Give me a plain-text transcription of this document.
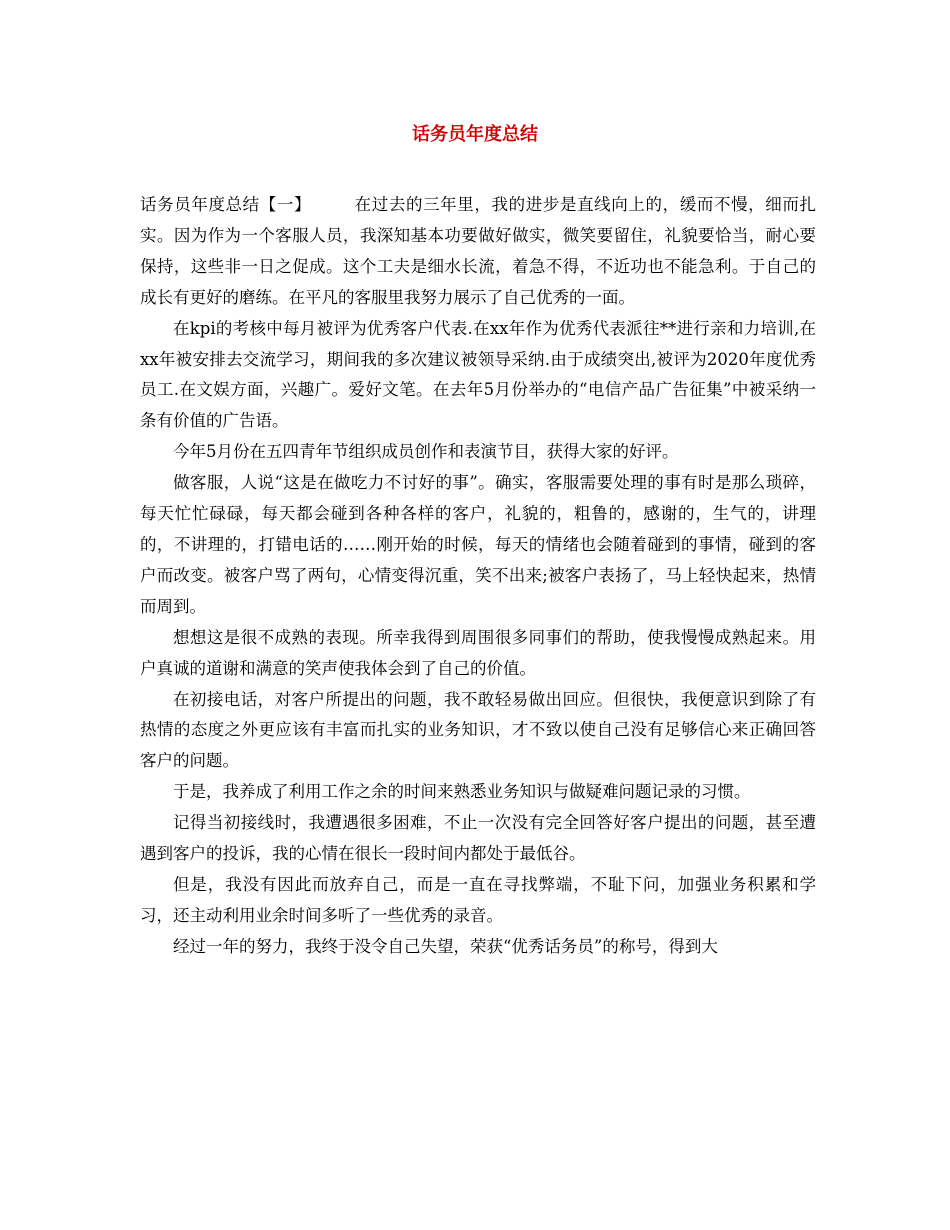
话务员年度总结

话务员年度总结【一】	在过去的三年里，我的进步是直线向上的，缓而不慢，细而扎实。因为作为一个客服人员，我深知基本功要做好做实，微笑要留住，礼貌要恰当，耐心要保持，这些非一日之促成。这个工夫是细水长流，着急不得，不近功也不能急利。于自己的成长有更好的磨练。在平凡的客服里我努力展示了自己优秀的一面。

在kpi的考核中每月被评为优秀客户代表.在xx年作为优秀代表派往**进行亲和力培训,在xx年被安排去交流学习，期间我的多次建议被领导采纳.由于成绩突出,被评为2020年度优秀员工.在文娱方面，兴趣广。爱好文笔。在去年5月份举办的“电信产品广告征集”中被采纳一条有价值的广告语。

今年5月份在五四青年节组织成员创作和表演节目，获得大家的好评。

做客服，人说“这是在做吃力不讨好的事”。确实，客服需要处理的事有时是那么琐碎，每天忙忙碌碌，每天都会碰到各种各样的客户，礼貌的，粗鲁的，感谢的，生气的，讲理的，不讲理的，打错电话的……刚开始的时候，每天的情绪也会随着碰到的事情，碰到的客户而改变。被客户骂了两句，心情变得沉重，笑不出来;被客户表扬了，马上轻快起来，热情而周到。

想想这是很不成熟的表现。所幸我得到周围很多同事们的帮助，使我慢慢成熟起来。用户真诚的道谢和满意的笑声使我体会到了自己的价值。

在初接电话，对客户所提出的问题，我不敢轻易做出回应。但很快，我便意识到除了有热情的态度之外更应该有丰富而扎实的业务知识，才不致以使自己没有足够信心来正确回答客户的问题。

于是，我养成了利用工作之余的时间来熟悉业务知识与做疑难问题记录的习惯。

记得当初接线时，我遭遇很多困难，不止一次没有完全回答好客户提出的问题，甚至遭遇到客户的投诉，我的心情在很长一段时间内都处于最低谷。

但是，我没有因此而放弃自己，而是一直在寻找弊端，不耻下问，加强业务积累和学习，还主动利用业余时间多听了一些优秀的录音。

经过一年的努力，我终于没令自己失望，荣获“优秀话务员”的称号，得到大
